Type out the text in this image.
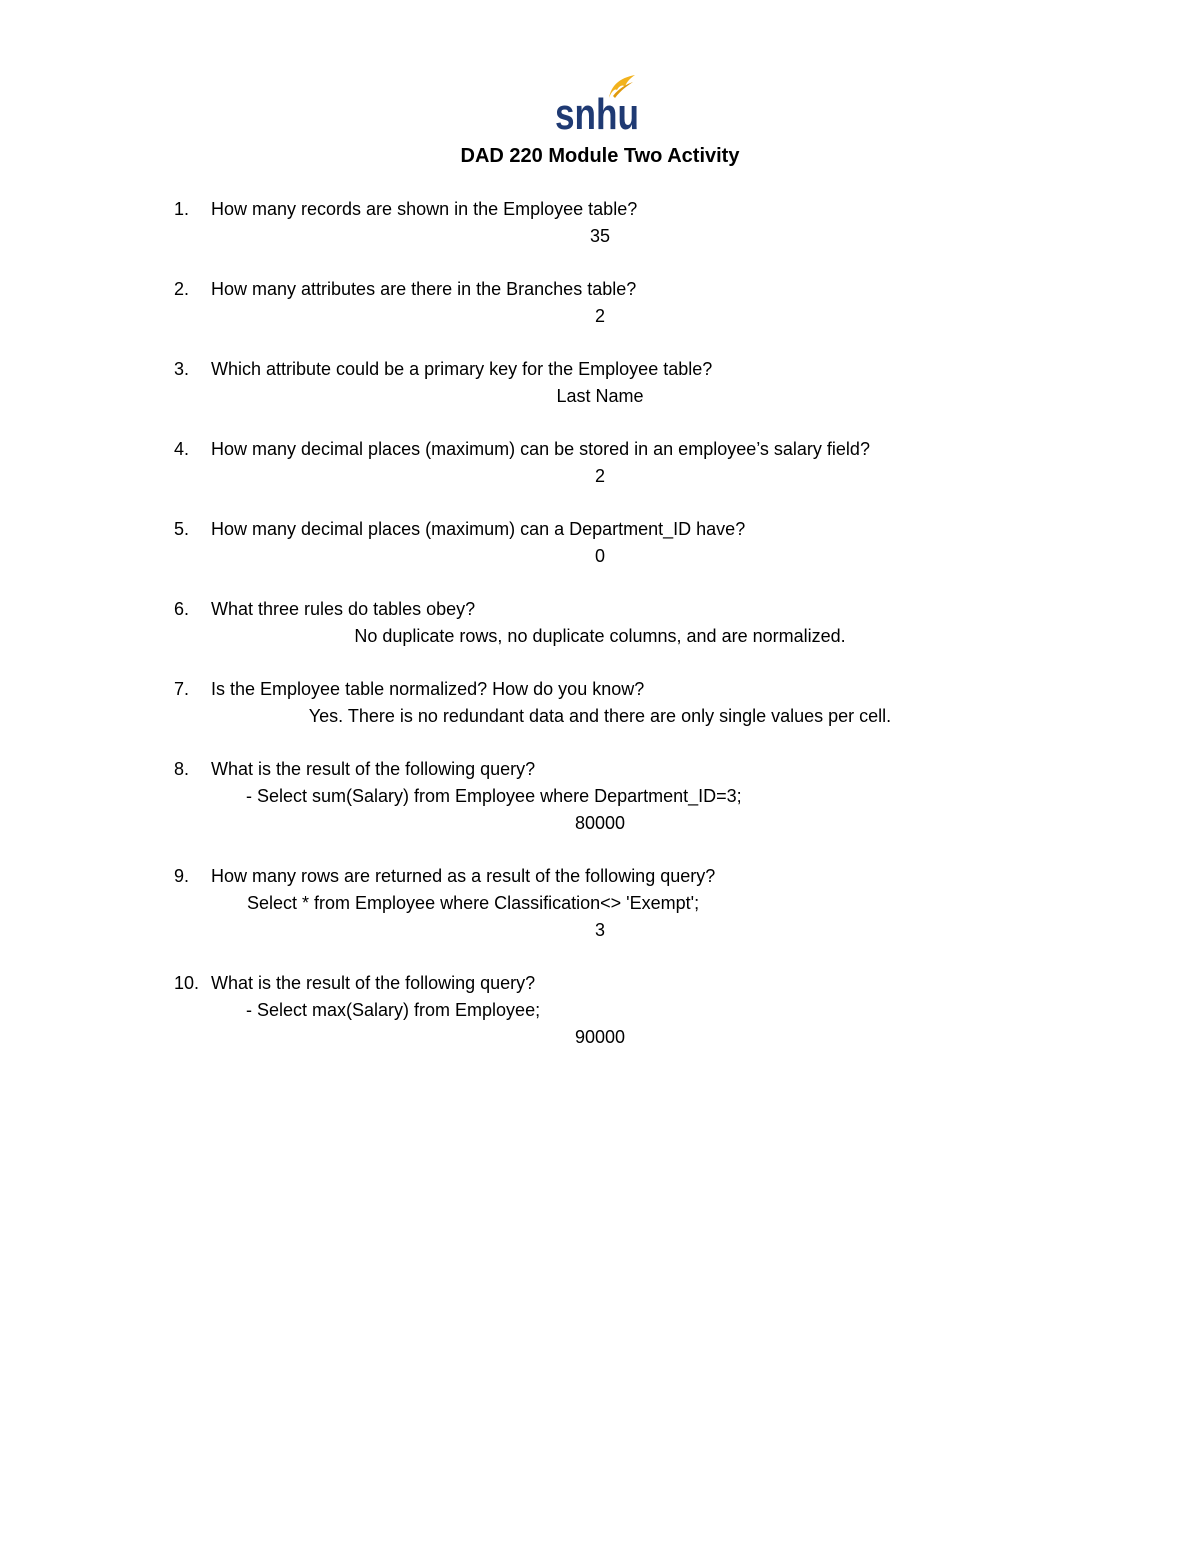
snhu
DAD 220 Module Two Activity
1.	How many records are shown in the Employee table?
35
2.	How many attributes are there in the Branches table?
2
3.	Which attribute could be a primary key for the Employee table?
Last Name
4.	How many decimal places (maximum) can be stored in an employee’s salary field?
2
5.	How many decimal places (maximum) can a Department_ID have?
0
6.	What three rules do tables obey?
No duplicate rows, no duplicate columns, and are normalized.
7.	Is the Employee table normalized? How do you know?
Yes. There is no redundant data and there are only single values per cell.
8.	What is the result of the following query?
- Select sum(Salary) from Employee where Department_ID=3;
80000
9.	How many rows are returned as a result of the following query?
Select * from Employee where Classification<> 'Exempt';
3
10. What is the result of the following query?
- Select max(Salary) from Employee;
90000
